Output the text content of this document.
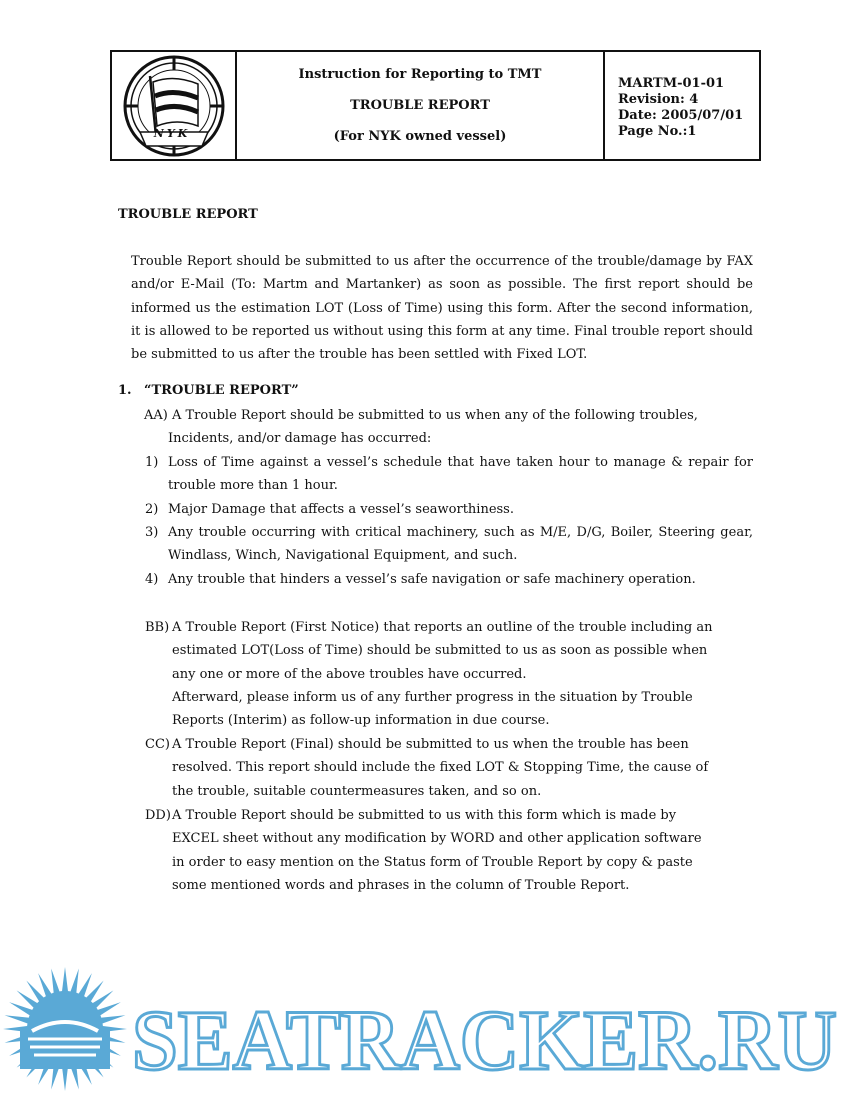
Instruction for Reporting to TMT
TROUBLE REPORT
(For NYK owned vessel)
MARTM-01-01
Revision: 4
Date: 2005/07/01
Page No.:1
NYK
TROUBLE REPORT

Trouble Report should be submitted to us after the occurrence of the trouble/damage by FAX and/or E-Mail (To: Martm and Martanker) as soon as possible. The first report should be informed us the estimation LOT (Loss of Time) using this form. After the second information, it is allowed to be reported us without using this form at any time. Final trouble report should be submitted to us after the trouble has been settled with Fixed LOT.

1. “TROUBLE REPORT”
AA) A Trouble Report should be submitted to us when any of the following troubles,
Incidents, and/or damage has occurred:
1) Loss of Time against a vessel’s schedule that have taken hour to manage & repair for trouble more than 1 hour.

2) Major Damage that affects a vessel’s seaworthiness.
3) Any trouble occurring with critical machinery, such as M/E, D/G, Boiler, Steering gear, Windlass, Winch, Navigational Equipment, and such.

4) Any trouble that hinders a vessel’s safe navigation or safe machinery operation.
BB) A Trouble Report (First Notice) that reports an outline of the trouble including an

estimated LOT(Loss of Time) should be submitted to us as soon as possible when

any one or more of the above troubles have occurred.

Afterward, please inform us of any further progress in the situation by Trouble

Reports (Interim) as follow-up information in due course.

CC) A Trouble Report (Final) should be submitted to us when the trouble has been

resolved. This report should include the fixed LOT & Stopping Time, the cause of

the trouble, suitable countermeasures taken, and so on.

DD) A Trouble Report should be submitted to us with this form which is made by

EXCEL sheet without any modification by WORD and other application software

in order to easy mention on the Status form of Trouble Report by copy & paste

some mentioned words and phrases in the column of Trouble Report.

SEATRACKER.RU
